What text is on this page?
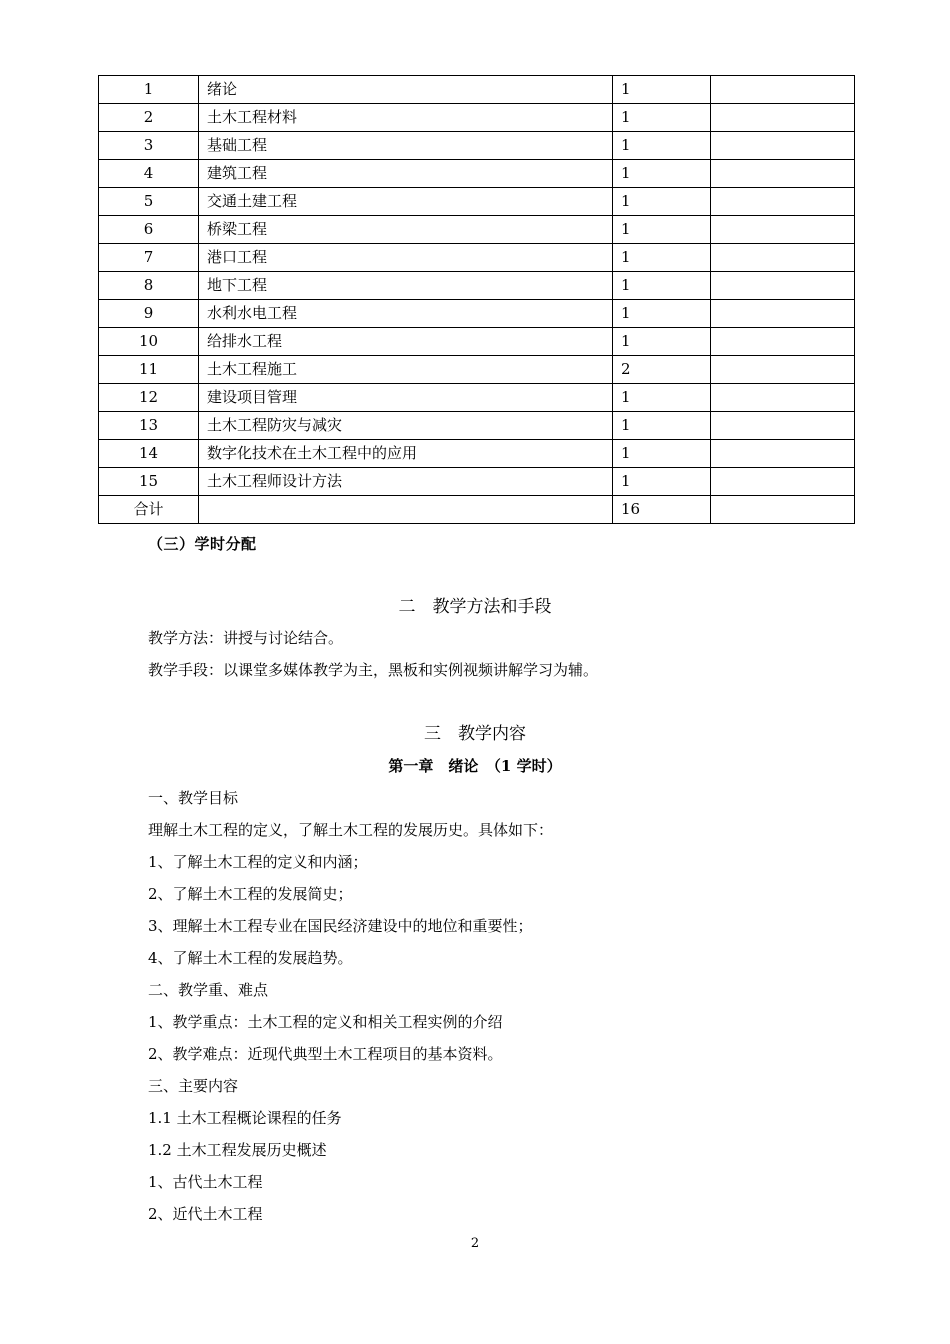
1	绪论	1	
2	土木工程材料	1	
3	基础工程	1	
4	建筑工程	1	
5	交通土建工程	1	
6	桥梁工程	1	
7	港口工程	1	
8	地下工程	1	
9	水利水电工程	1	
10	给排水工程	1	
11	土木工程施工	2	
12	建设项目管理	1	
13	土木工程防灾与减灾	1	
14	数字化技术在土木工程中的应用	1	
15	土木工程师设计方法	1	
合计		16	
（三）学时分配
二　教学方法和手段
教学方法：讲授与讨论结合。
教学手段：以课堂多媒体教学为主，黑板和实例视频讲解学习为辅。
三　教学内容
第一章　绪论　（1 学时）
一、教学目标
理解土木工程的定义，了解土木工程的发展历史。具体如下：
1、了解土木工程的定义和内涵；
2、了解土木工程的发展简史；
3、理解土木工程专业在国民经济建设中的地位和重要性；
4、了解土木工程的发展趋势。
二、教学重、难点
1、教学重点：土木工程的定义和相关工程实例的介绍
2、教学难点：近现代典型土木工程项目的基本资料。
三、主要内容
1.1 土木工程概论课程的任务
1.2 土木工程发展历史概述
1、古代土木工程
2、近代土木工程
2
